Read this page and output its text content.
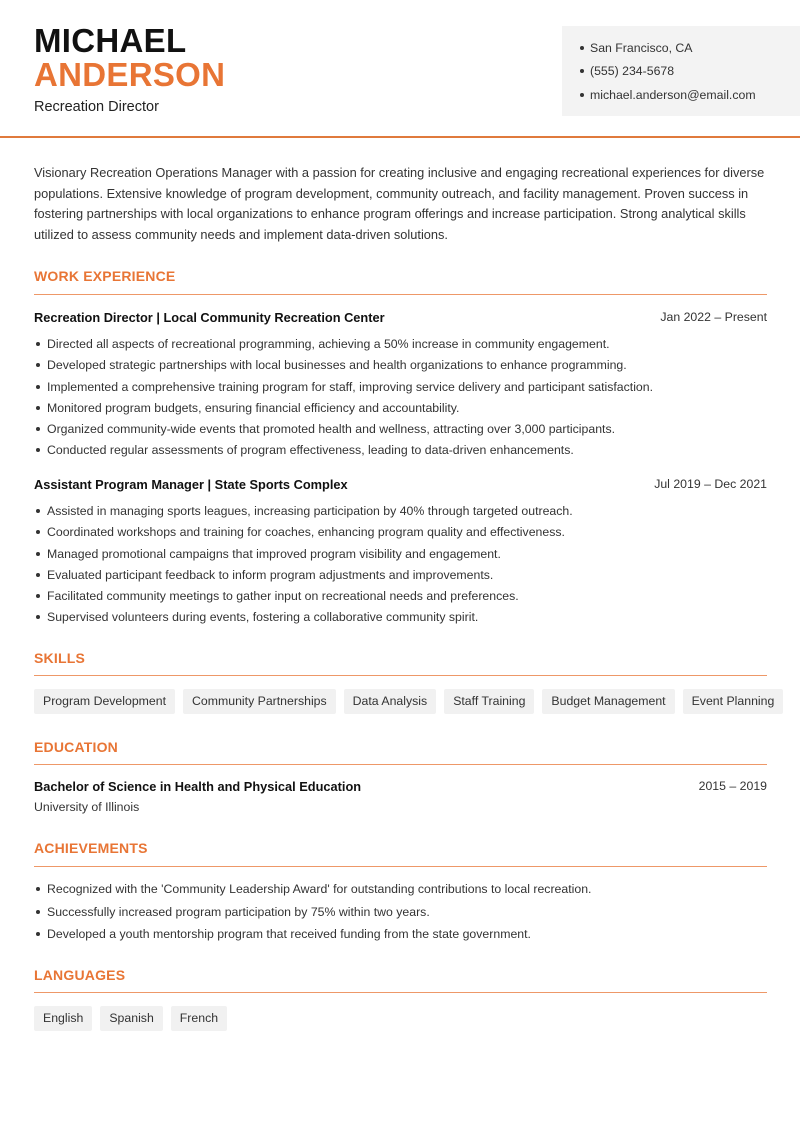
MICHAEL
ANDERSON
Recreation Director
San Francisco, CA
(555) 234-5678
michael.anderson@email.com

Visionary Recreation Operations Manager with a passion for creating inclusive and engaging recreational experiences for diverse populations. Extensive knowledge of program development, community outreach, and facility management. Proven success in fostering partnerships with local organizations to enhance program offerings and increase participation. Strong analytical skills utilized to assess community needs and implement data-driven solutions.

WORK EXPERIENCE
Recreation Director | Local Community Recreation Center	Jan 2022 – Present
Directed all aspects of recreational programming, achieving a 50% increase in community engagement.
Developed strategic partnerships with local businesses and health organizations to enhance programming.
Implemented a comprehensive training program for staff, improving service delivery and participant satisfaction.
Monitored program budgets, ensuring financial efficiency and accountability.
Organized community-wide events that promoted health and wellness, attracting over 3,000 participants.
Conducted regular assessments of program effectiveness, leading to data-driven enhancements.
Assistant Program Manager | State Sports Complex	Jul 2019 – Dec 2021
Assisted in managing sports leagues, increasing participation by 40% through targeted outreach.
Coordinated workshops and training for coaches, enhancing program quality and effectiveness.
Managed promotional campaigns that improved program visibility and engagement.
Evaluated participant feedback to inform program adjustments and improvements.
Facilitated community meetings to gather input on recreational needs and preferences.
Supervised volunteers during events, fostering a collaborative community spirit.
SKILLS
Program Development	Community Partnerships	Data Analysis	Staff Training	Budget Management	Event Planning
EDUCATION
Bachelor of Science in Health and Physical Education	2015 – 2019
University of Illinois
ACHIEVEMENTS
Recognized with the 'Community Leadership Award' for outstanding contributions to local recreation.
Successfully increased program participation by 75% within two years.
Developed a youth mentorship program that received funding from the state government.
LANGUAGES
English	Spanish	French
